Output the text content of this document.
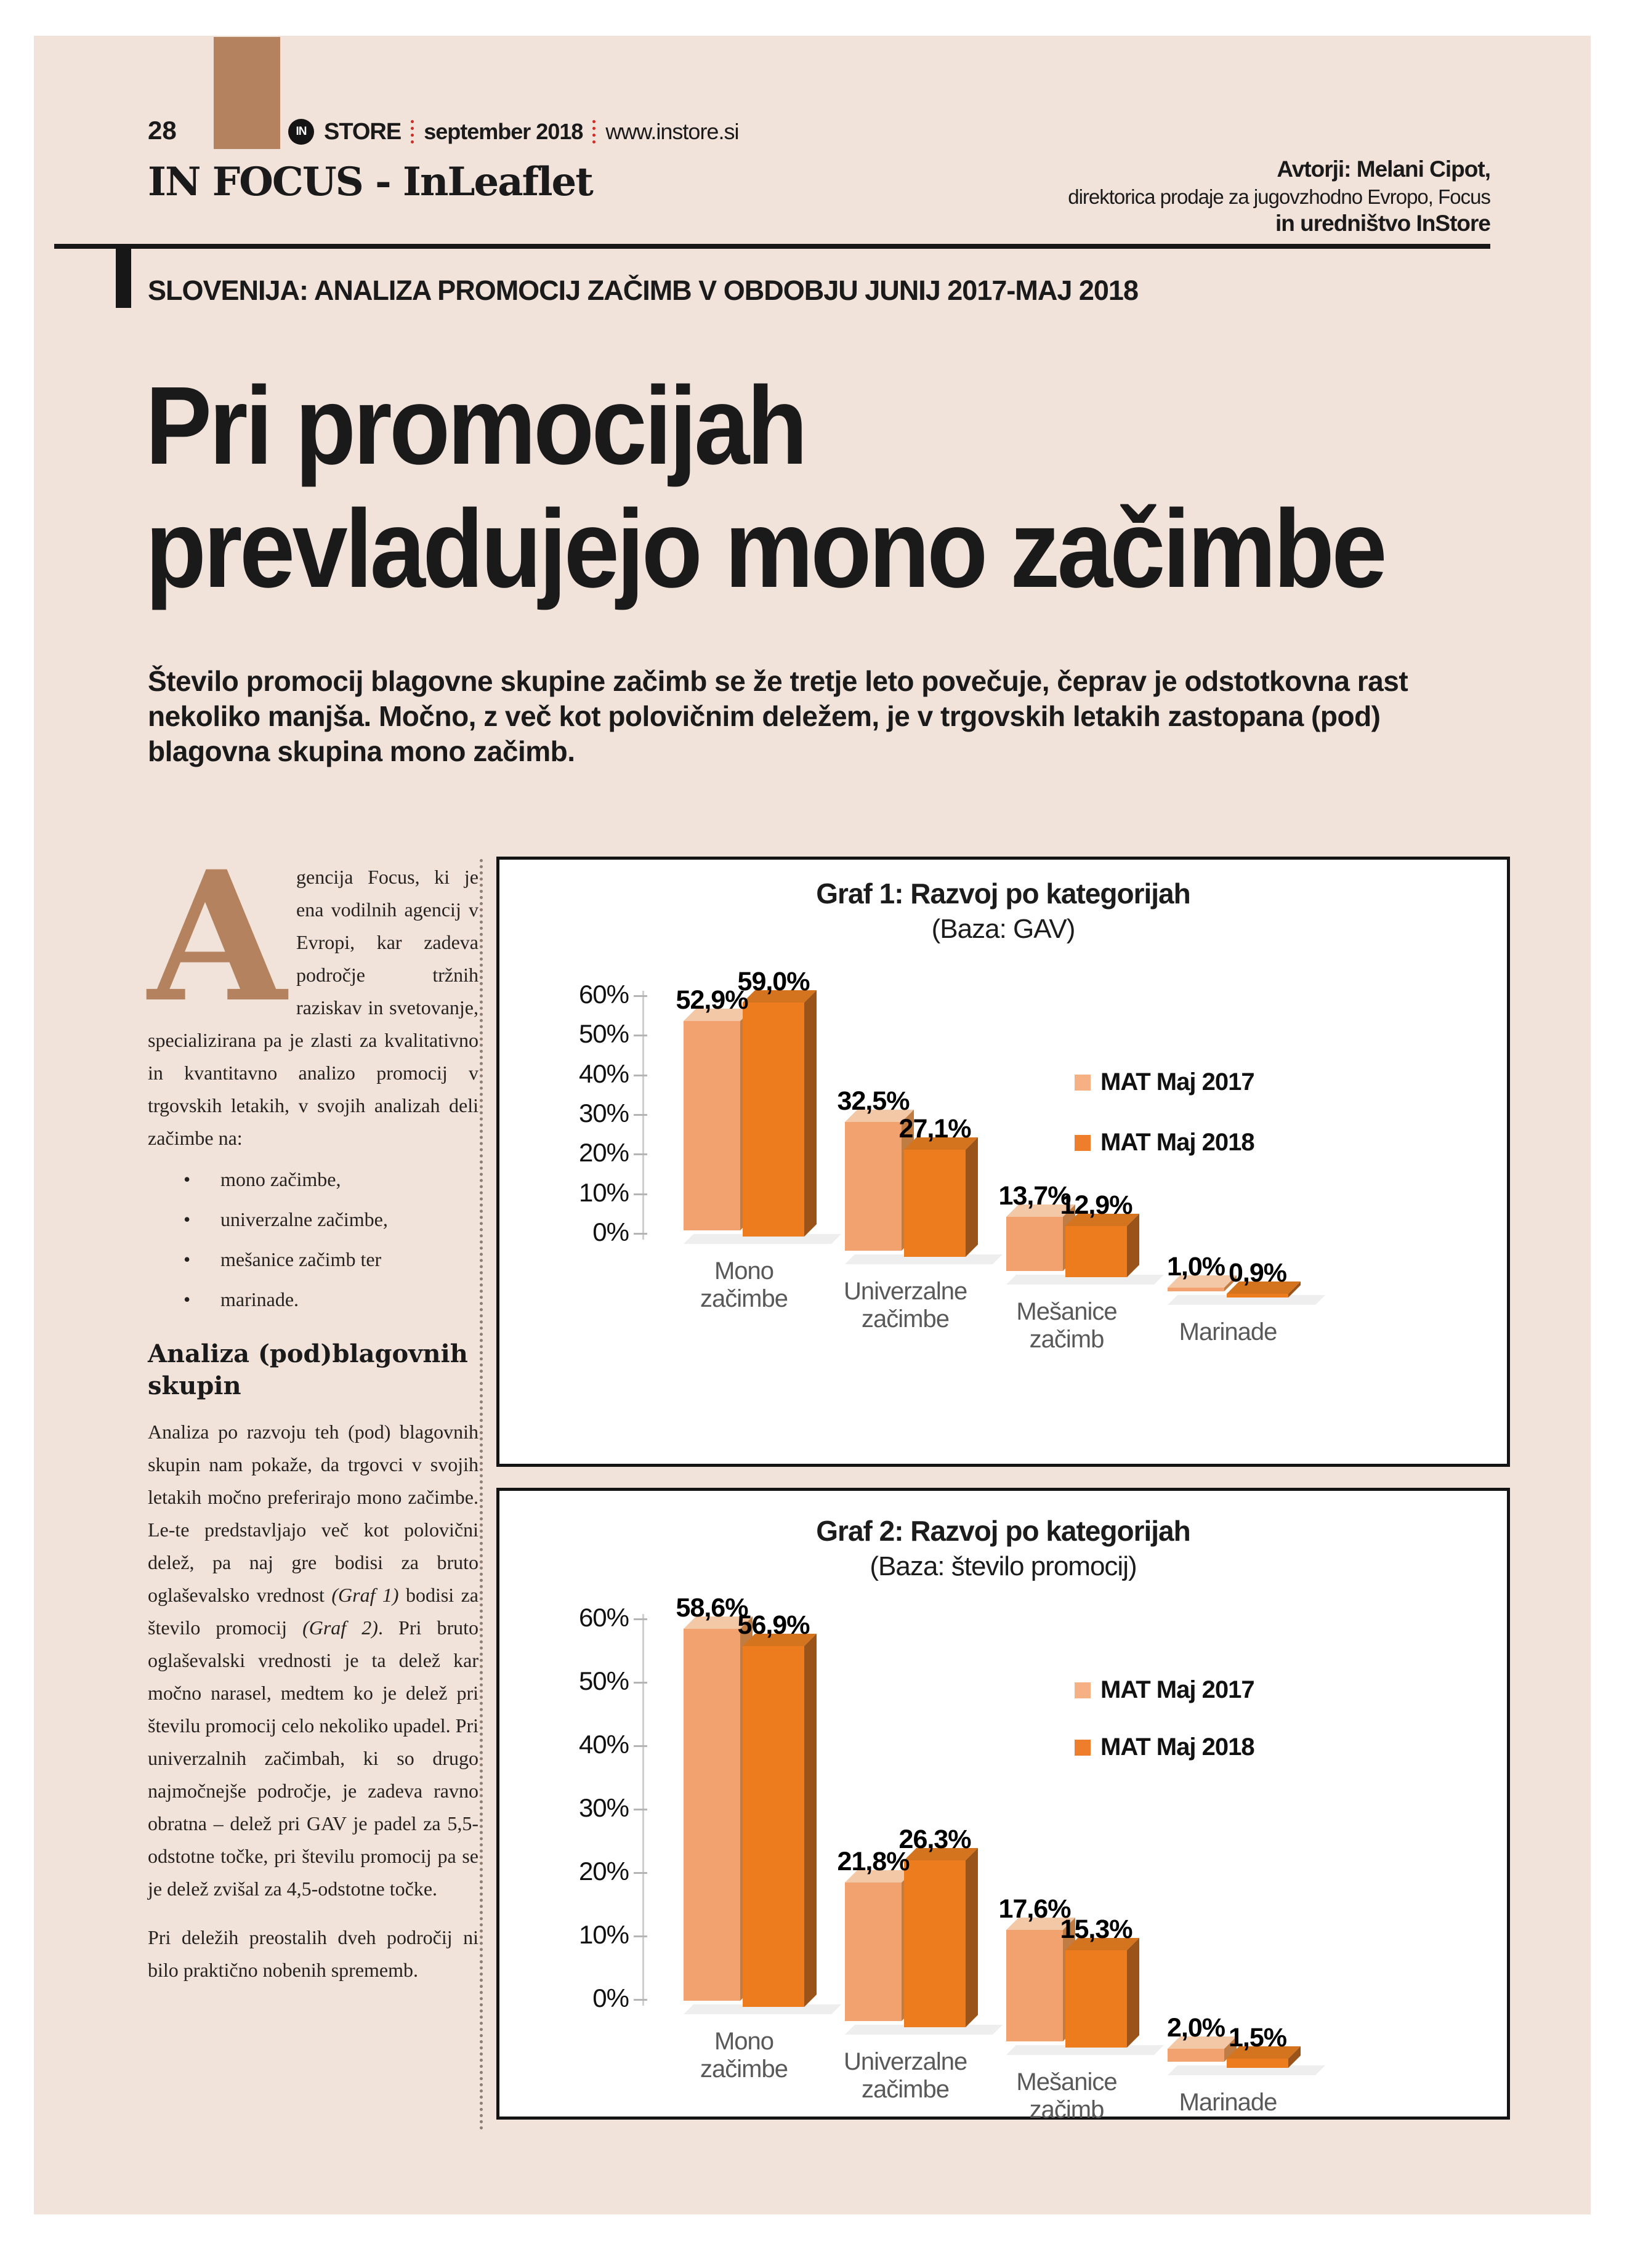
28	IN STORE september 2018 www.instore.si
IN FOCUS - InLeaflet	Avtorji: Melani Cipot,
direktorica prodaje za jugovzhodno Evropo, Focus
in uredništvo InStore
SLOVENIJA: ANALIZA PROMOCIJ ZAČIMB V OBDOBJU JUNIJ 2017-MAJ 2018
Pri promocijah
prevladujejo mono začimbe
Število promocij blagovne skupine začimb se že tretje leto povečuje, čeprav je odstotkovna rast
nekoliko manjša. Močno, z več kot polovičnim deležem, je v trgovskih letakih zastopana (pod)
blagovna skupina mono začimb.

Agencija Focus, ki je ena vodilnih agencij v Evropi, kar zadeva področje tržnih raziskav in svetovanje, specializirana pa je zlasti za kvalitativno in kvantitavno analizo promocij v trgovskih letakih, v svojih analizah deli začimbe na:

• mono začimbe,
• univerzalne začimbe,
• mešanice začimb ter
• marinade.
Analiza (pod)blagovnih skupin

Analiza po razvoju teh (pod) blagovnih skupin nam pokaže, da trgovci v svojih letakih močno preferirajo mono začimbe. Le-te predstavljajo več kot polovični delež, pa naj gre bodisi za bruto oglaševalsko vrednost (Graf 1) bodisi za število promocij (Graf 2). Pri bruto oglaševalski vrednosti je ta delež kar močno narasel, medtem ko je delež pri številu promocij celo nekoliko upadel. Pri univerzalnih začimbah, ki so drugo najmočnejše področje, je zadeva ravno obratna – delež pri GAV je padel za 5,5-odstotne točke, pri številu promocij pa se je delež zvišal za 4,5-odstotne točke.

Pri deležih preostalih dveh področij ni bilo praktično nobenih sprememb.

Graf 1: Razvoj po kategorijah
(Baza: GAV)
60%
50%
40%
30%
20%
10%
0%
52,9%
59,0%
Mono začimbe
32,5%
27,1%
Univerzalne začimbe
13,7%
12,9%
Mešanice začimb
1,0% 0,9%
Marinade
MAT Maj 2017
MAT Maj 2018
Graf 2: Razvoj po kategorijah
(Baza: število promocij)
60%
50%
40%
30%
20%
10%
0%
58,6%
56,9%
Mono začimbe
21,8%
26,3%
Univerzalne začimbe
17,6%
15,3%
Mešanice začimb
2,0% 1,5%
Marinade
MAT Maj 2017
MAT Maj 2018
